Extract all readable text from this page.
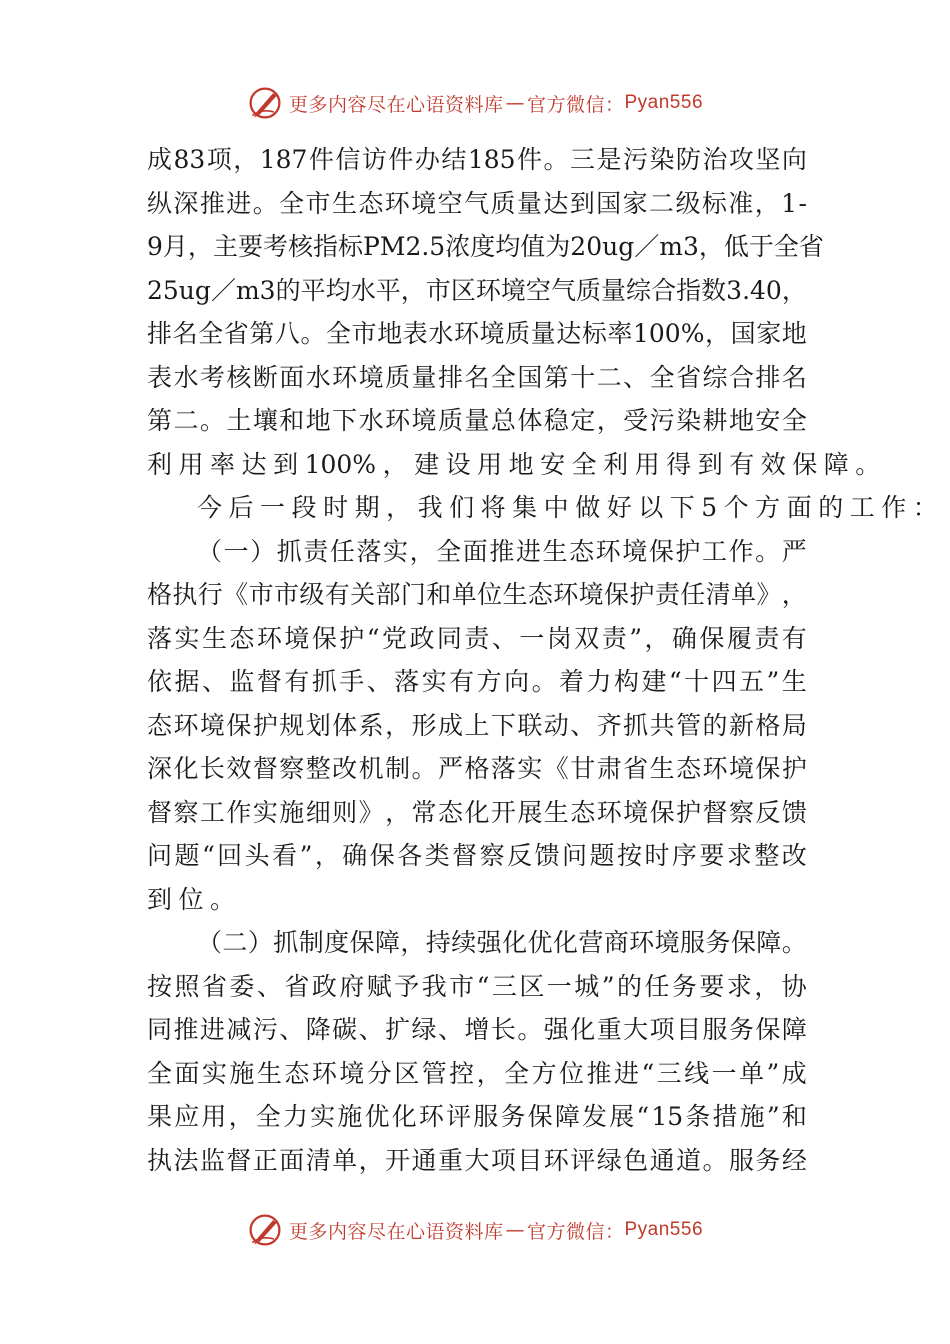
更多内容尽在心语资料库 — 官方微信： Pyan556
成 83 项 ， 187 件 信 访 件 办 结 185 件 。 三 是 污 染 防 治 攻 坚 向
纵 深 推 进 。 全 市 生 态 环 境 空 气 质 量 达 到 国 家 二 级 标 准 ， 1 -
9 月 ， 主 要 考 核 指 标 PM2.5 浓 度 均 值 为 20ug ／ m3 ， 低 于 全 省
25ug ／ m3 的 平 均 水 平 ， 市 区 环 境 空 气 质 量 综 合 指 数 3.40 ，
排 名 全 省 第 八 。 全 市 地 表 水 环 境 质 量 达 标 率 100% ， 国 家 地
表 水 考 核 断 面 水 环 境 质 量 排 名 全 国 第 十 二 、 全 省 综 合 排 名
第 二 。 土 壤 和 地 下 水 环 境 质 量 总 体 稳 定 ， 受 污 染 耕 地 安 全
利 用 率 达 到 100% ， 建 设 用 地 安 全 利 用 得 到 有 效 保 障 。
今 后 一 段 时 期 ， 我 们 将 集 中 做 好 以 下 5 个 方 面 的 工 作 ：
（ 一 ） 抓 责 任 落 实 ， 全 面 推 进 生 态 环 境 保 护 工 作 。 严
格 执 行 《 市 市 级 有 关 部 门 和 单 位 生 态 环 境 保 护 责 任 清 单 》 ，
落 实 生 态 环 境 保 护 “ 党 政 同 责 、 一 岗 双 责 ” ， 确 保 履 责 有
依 据 、 监 督 有 抓 手 、 落 实 有 方 向 。 着 力 构 建 “ 十 四 五 ” 生
态 环 境 保 护 规 划 体 系 ， 形 成 上 下 联 动 、 齐 抓 共 管 的 新 格 局
深 化 长 效 督 察 整 改 机 制 。 严 格 落 实 《 甘 肃 省 生 态 环 境 保 护
督 察 工 作 实 施 细 则 》 ， 常 态 化 开 展 生 态 环 境 保 护 督 察 反 馈
问 题 “ 回 头 看 ” ， 确 保 各 类 督 察 反 馈 问 题 按 时 序 要 求 整 改
到 位 。
（ 二 ） 抓 制 度 保 障 ， 持 续 强 化 优 化 营 商 环 境 服 务 保 障 。
按 照 省 委 、 省 政 府 赋 予 我 市 “ 三 区 一 城 ” 的 任 务 要 求 ， 协
同 推 进 减 污 、 降 碳 、 扩 绿 、 增 长 。 强 化 重 大 项 目 服 务 保 障
全 面 实 施 生 态 环 境 分 区 管 控 ， 全 方 位 推 进 “ 三 线 一 单 ” 成
果 应 用 ， 全 力 实 施 优 化 环 评 服 务 保 障 发 展 “ 15 条 措 施 ” 和
执 法 监 督 正 面 清 单 ， 开 通 重 大 项 目 环 评 绿 色 通 道 。 服 务 经
更多内容尽在心语资料库 — 官方微信： Pyan556
